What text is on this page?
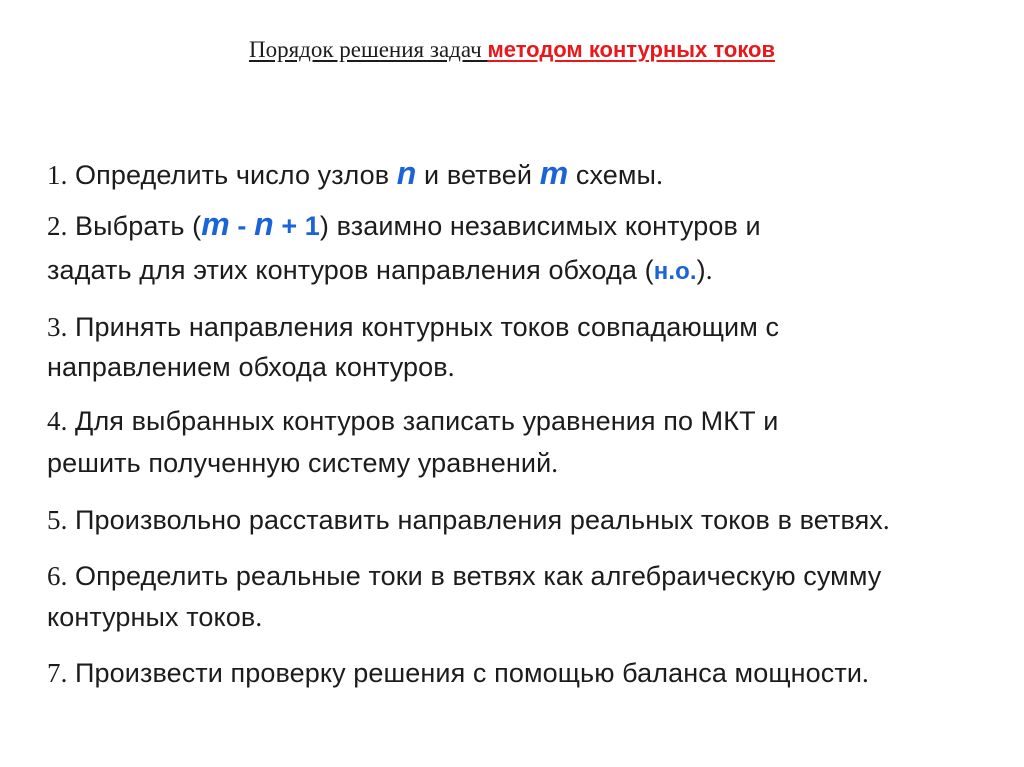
Порядок решения задач методом контурных токов
1. Определить число узлов n и ветвей m схемы.
2. Выбрать (m - n + 1) взаимно независимых контуров и
задать для этих контуров направления обхода (н.о.).
3. Принять направления контурных токов совпадающим с
направлением обхода контуров.
4. Для выбранных контуров записать уравнения по МКТ и
решить полученную систему уравнений.
5. Произвольно расставить направления реальных токов в ветвях.
6. Определить реальные токи в ветвях как алгебраическую сумму
контурных токов.
7. Произвести проверку решения с помощью баланса мощности.
